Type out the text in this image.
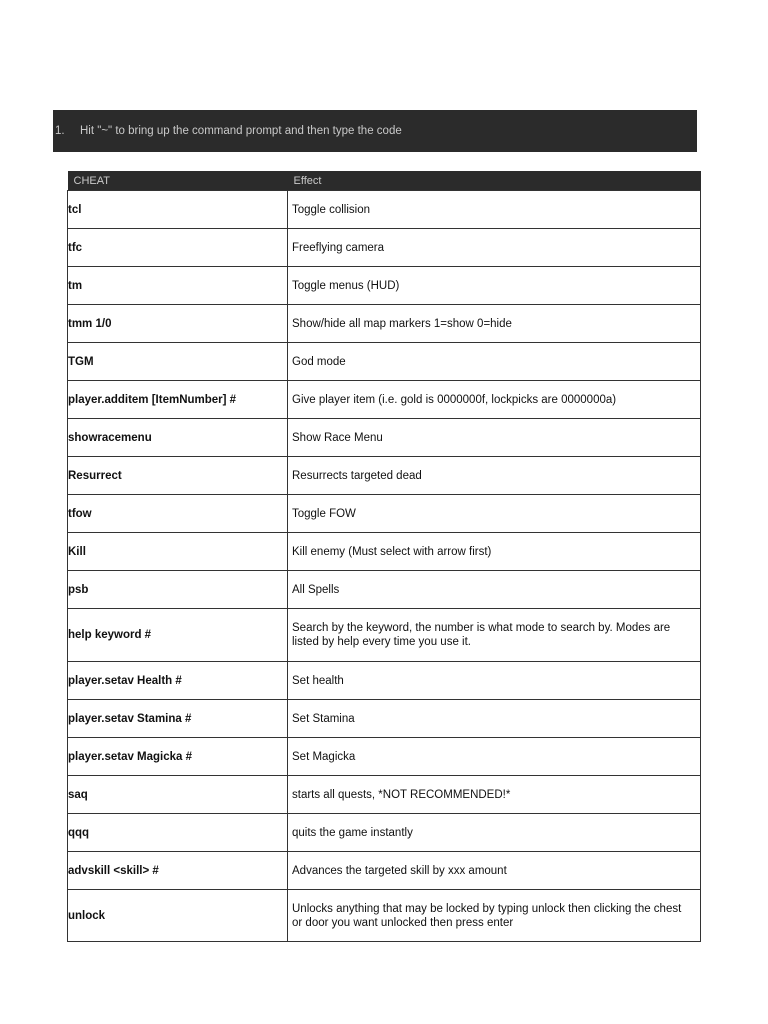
1.	Hit "~" to bring up the command prompt and then type the code
CHEAT	Effect
tcl	Toggle collision
tfc	Freeflying camera
tm	Toggle menus (HUD)
tmm 1/0	Show/hide all map markers 1=show 0=hide
TGM	God mode
player.additem [ItemNumber] #	Give player item (i.e. gold is 0000000f, lockpicks are 0000000a)
showracemenu	Show Race Menu
Resurrect	Resurrects targeted dead
tfow	Toggle FOW
Kill	Kill enemy (Must select with arrow first)
psb	All Spells
help keyword #	Search by the keyword, the number is what mode to search by. Modes are listed by help every time you use it.
player.setav Health #	Set health
player.setav Stamina #	Set Stamina
player.setav Magicka #	Set Magicka
saq	starts all quests, *NOT RECOMMENDED!*
qqq	quits the game instantly
advskill <skill> #	Advances the targeted skill by xxx amount
unlock	Unlocks anything that may be locked by typing unlock then clicking the chest or door you want unlocked then press enter
